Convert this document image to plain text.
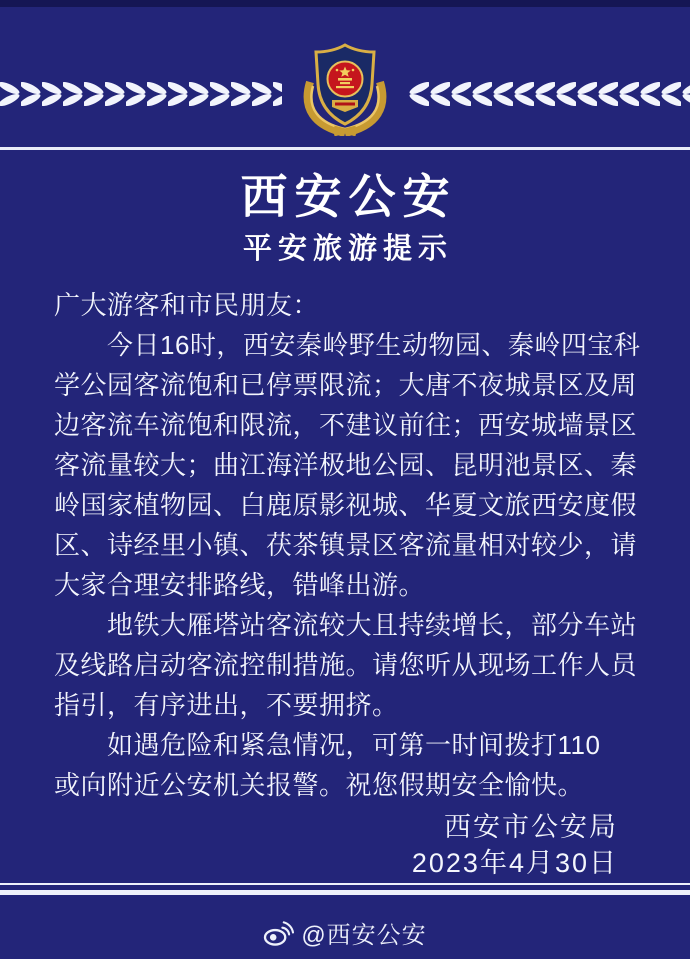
西安公安
平安旅游提示
广大游客和市民朋友：
今日16时，西安秦岭野生动物园、秦岭四宝科
学公园客流饱和已停票限流；大唐不夜城景区及周
边客流车流饱和限流，不建议前往；西安城墙景区
客流量较大；曲江海洋极地公园、昆明池景区、秦
岭国家植物园、白鹿原影视城、华夏文旅西安度假
区、诗经里小镇、茯茶镇景区客流量相对较少，请
大家合理安排路线，错峰出游。
地铁大雁塔站客流较大且持续增长，部分车站
及线路启动客流控制措施。请您听从现场工作人员
指引，有序进出，不要拥挤。
如遇危险和紧急情况，可第一时间拨打110
或向附近公安机关报警。祝您假期安全愉快。
西安市公安局
2023年4月30日
@西安公安
